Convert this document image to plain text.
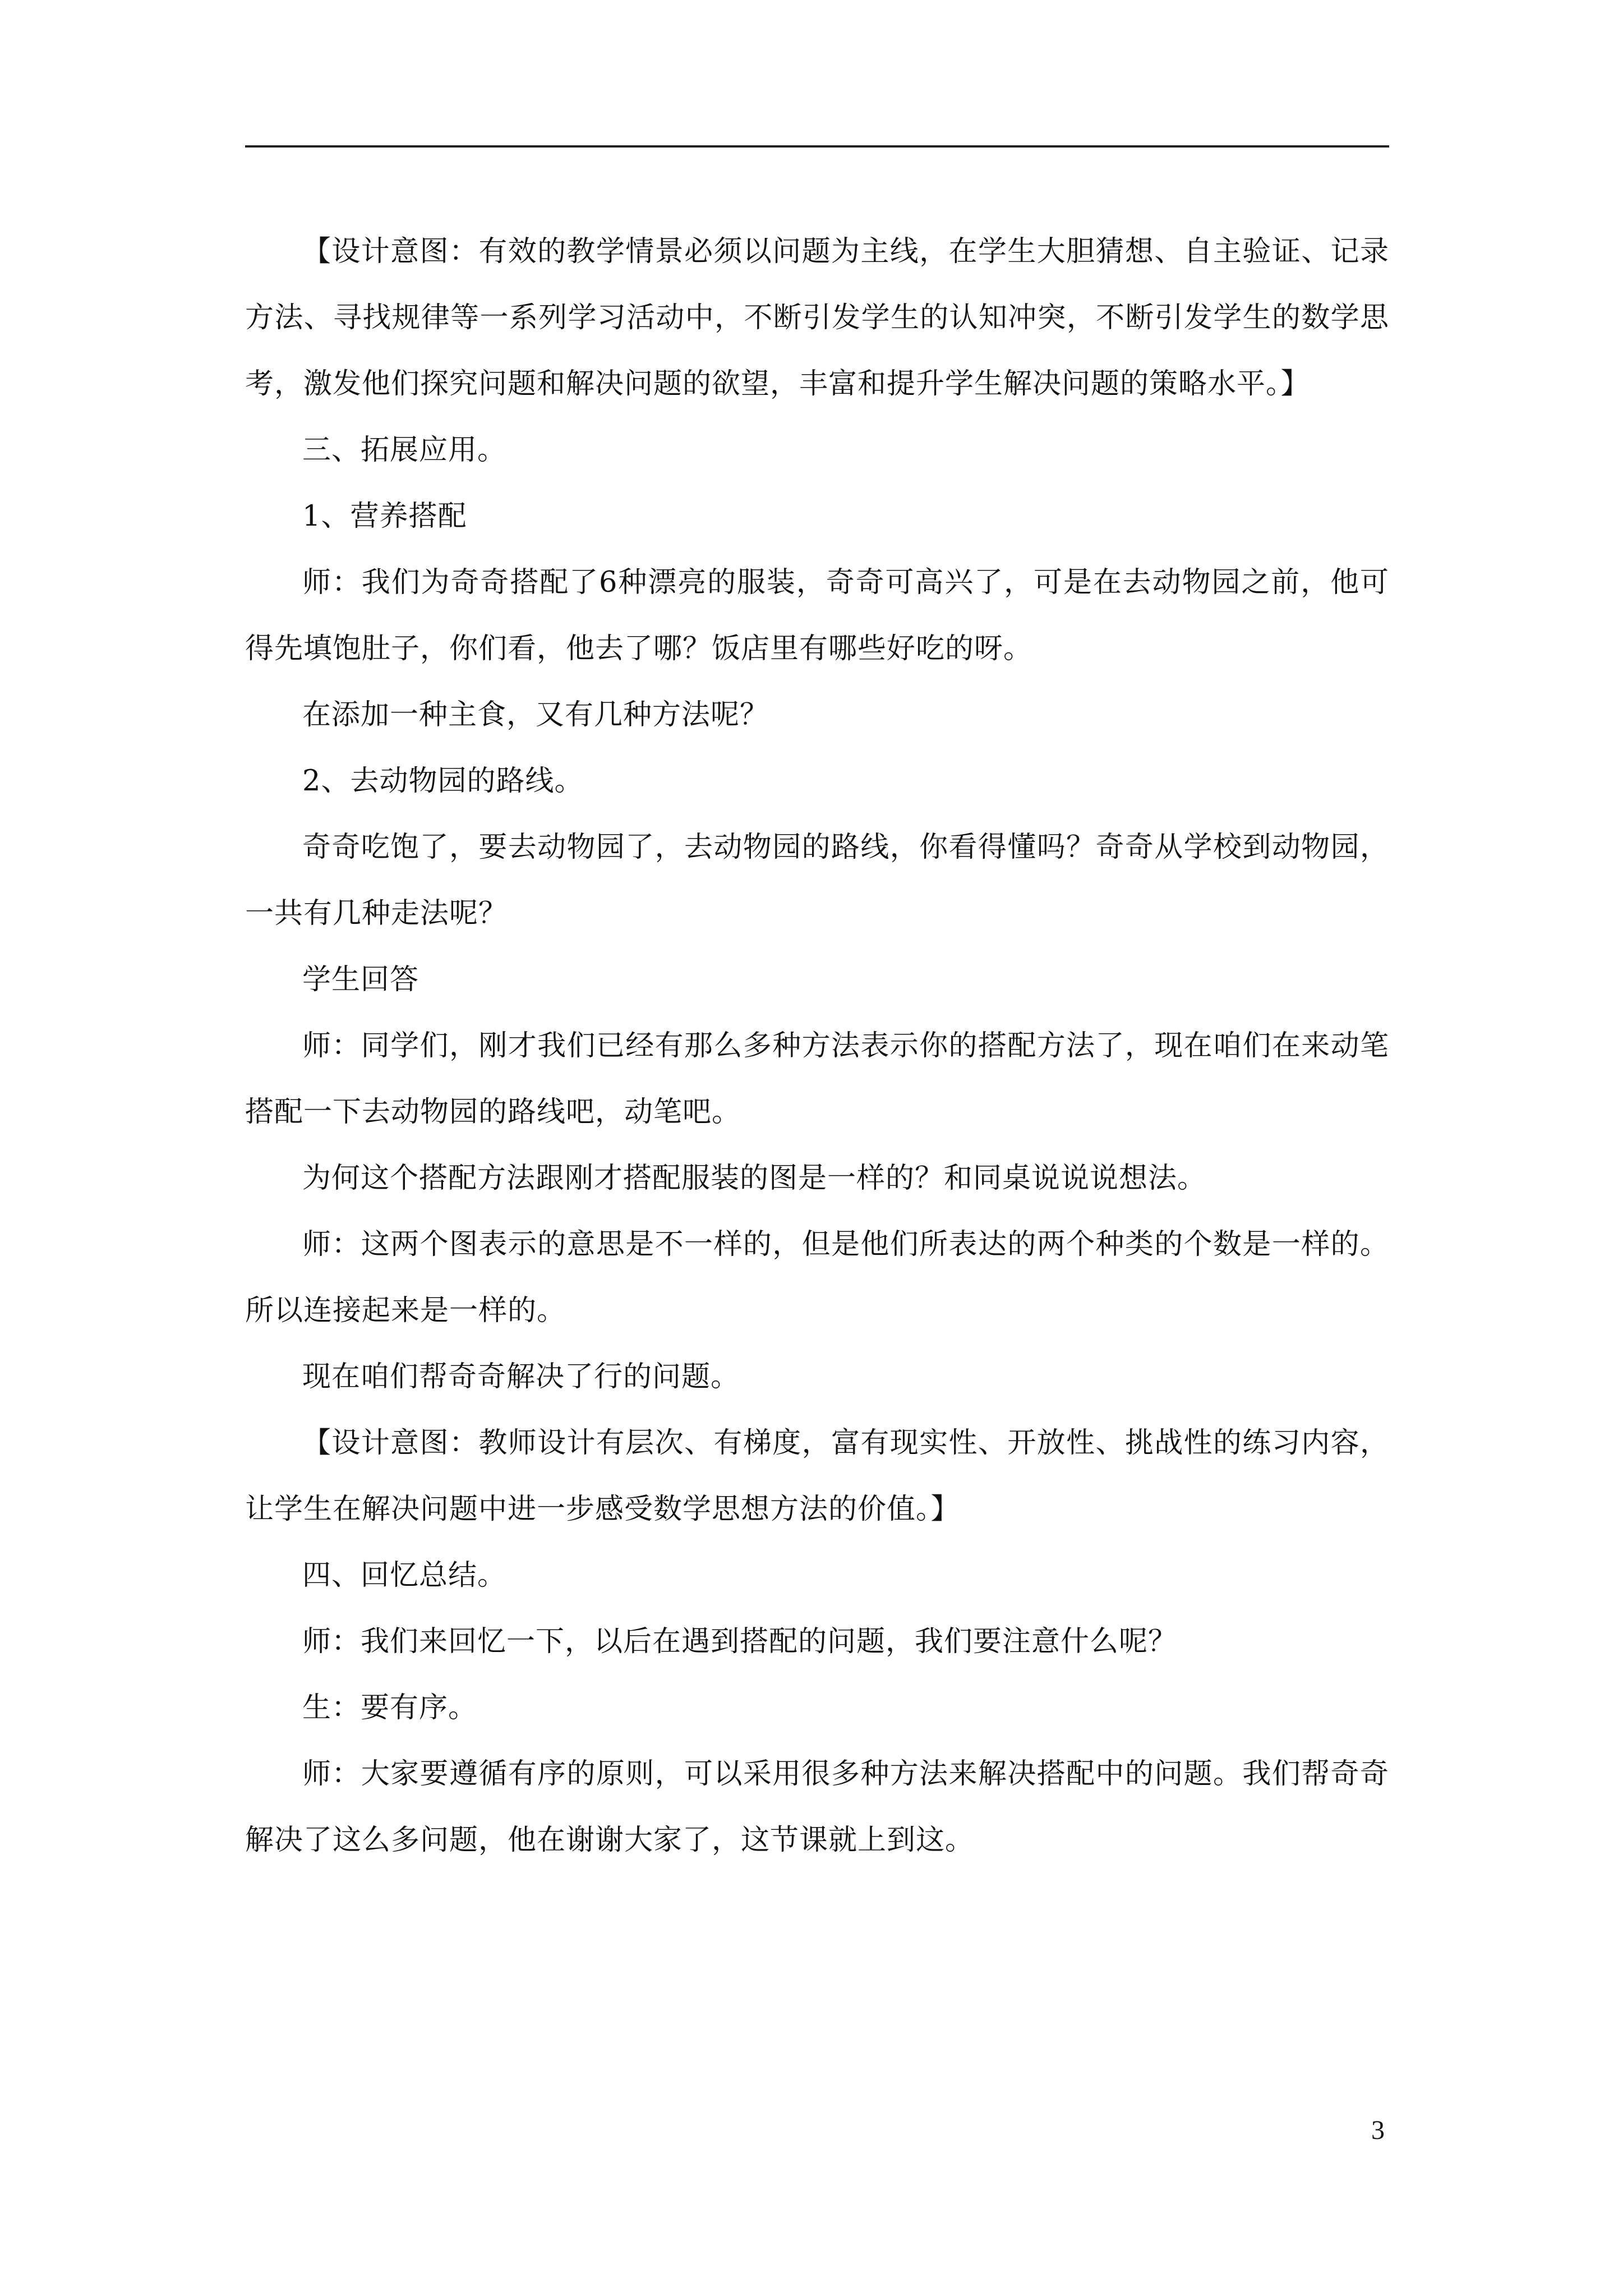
【设计意图：有效的教学情景必须以问题为主线，在学生大胆猜想、自主验证、记录方法、寻找规律等一系列学习活动中，不断引发学生的认知冲突，不断引发学生的数学思考，激发他们探究问题和解决问题的欲望，丰富和提升学生解决问题的策略水平。】

三、拓展应用。

1、营养搭配

师：我们为奇奇搭配了6种漂亮的服装，奇奇可高兴了，可是在去动物园之前，他可得先填饱肚子，你们看，他去了哪？饭店里有哪些好吃的呀。

在添加一种主食，又有几种方法呢？

2、去动物园的路线。

奇奇吃饱了，要去动物园了，去动物园的路线，你看得懂吗？奇奇从学校到动物园，一共有几种走法呢？

学生回答

师：同学们，刚才我们已经有那么多种方法表示你的搭配方法了，现在咱们在来动笔搭配一下去动物园的路线吧，动笔吧。

为何这个搭配方法跟刚才搭配服装的图是一样的？和同桌说说说想法。

师：这两个图表示的意思是不一样的，但是他们所表达的两个种类的个数是一样的。所以连接起来是一样的。

现在咱们帮奇奇解决了行的问题。

【设计意图：教师设计有层次、有梯度，富有现实性、开放性、挑战性的练习内容，让学生在解决问题中进一步感受数学思想方法的价值。】

四、回忆总结。

师：我们来回忆一下，以后在遇到搭配的问题，我们要注意什么呢？

生：要有序。

师：大家要遵循有序的原则，可以采用很多种方法来解决搭配中的问题。我们帮奇奇解决了这么多问题，他在谢谢大家了，这节课就上到这。

3
